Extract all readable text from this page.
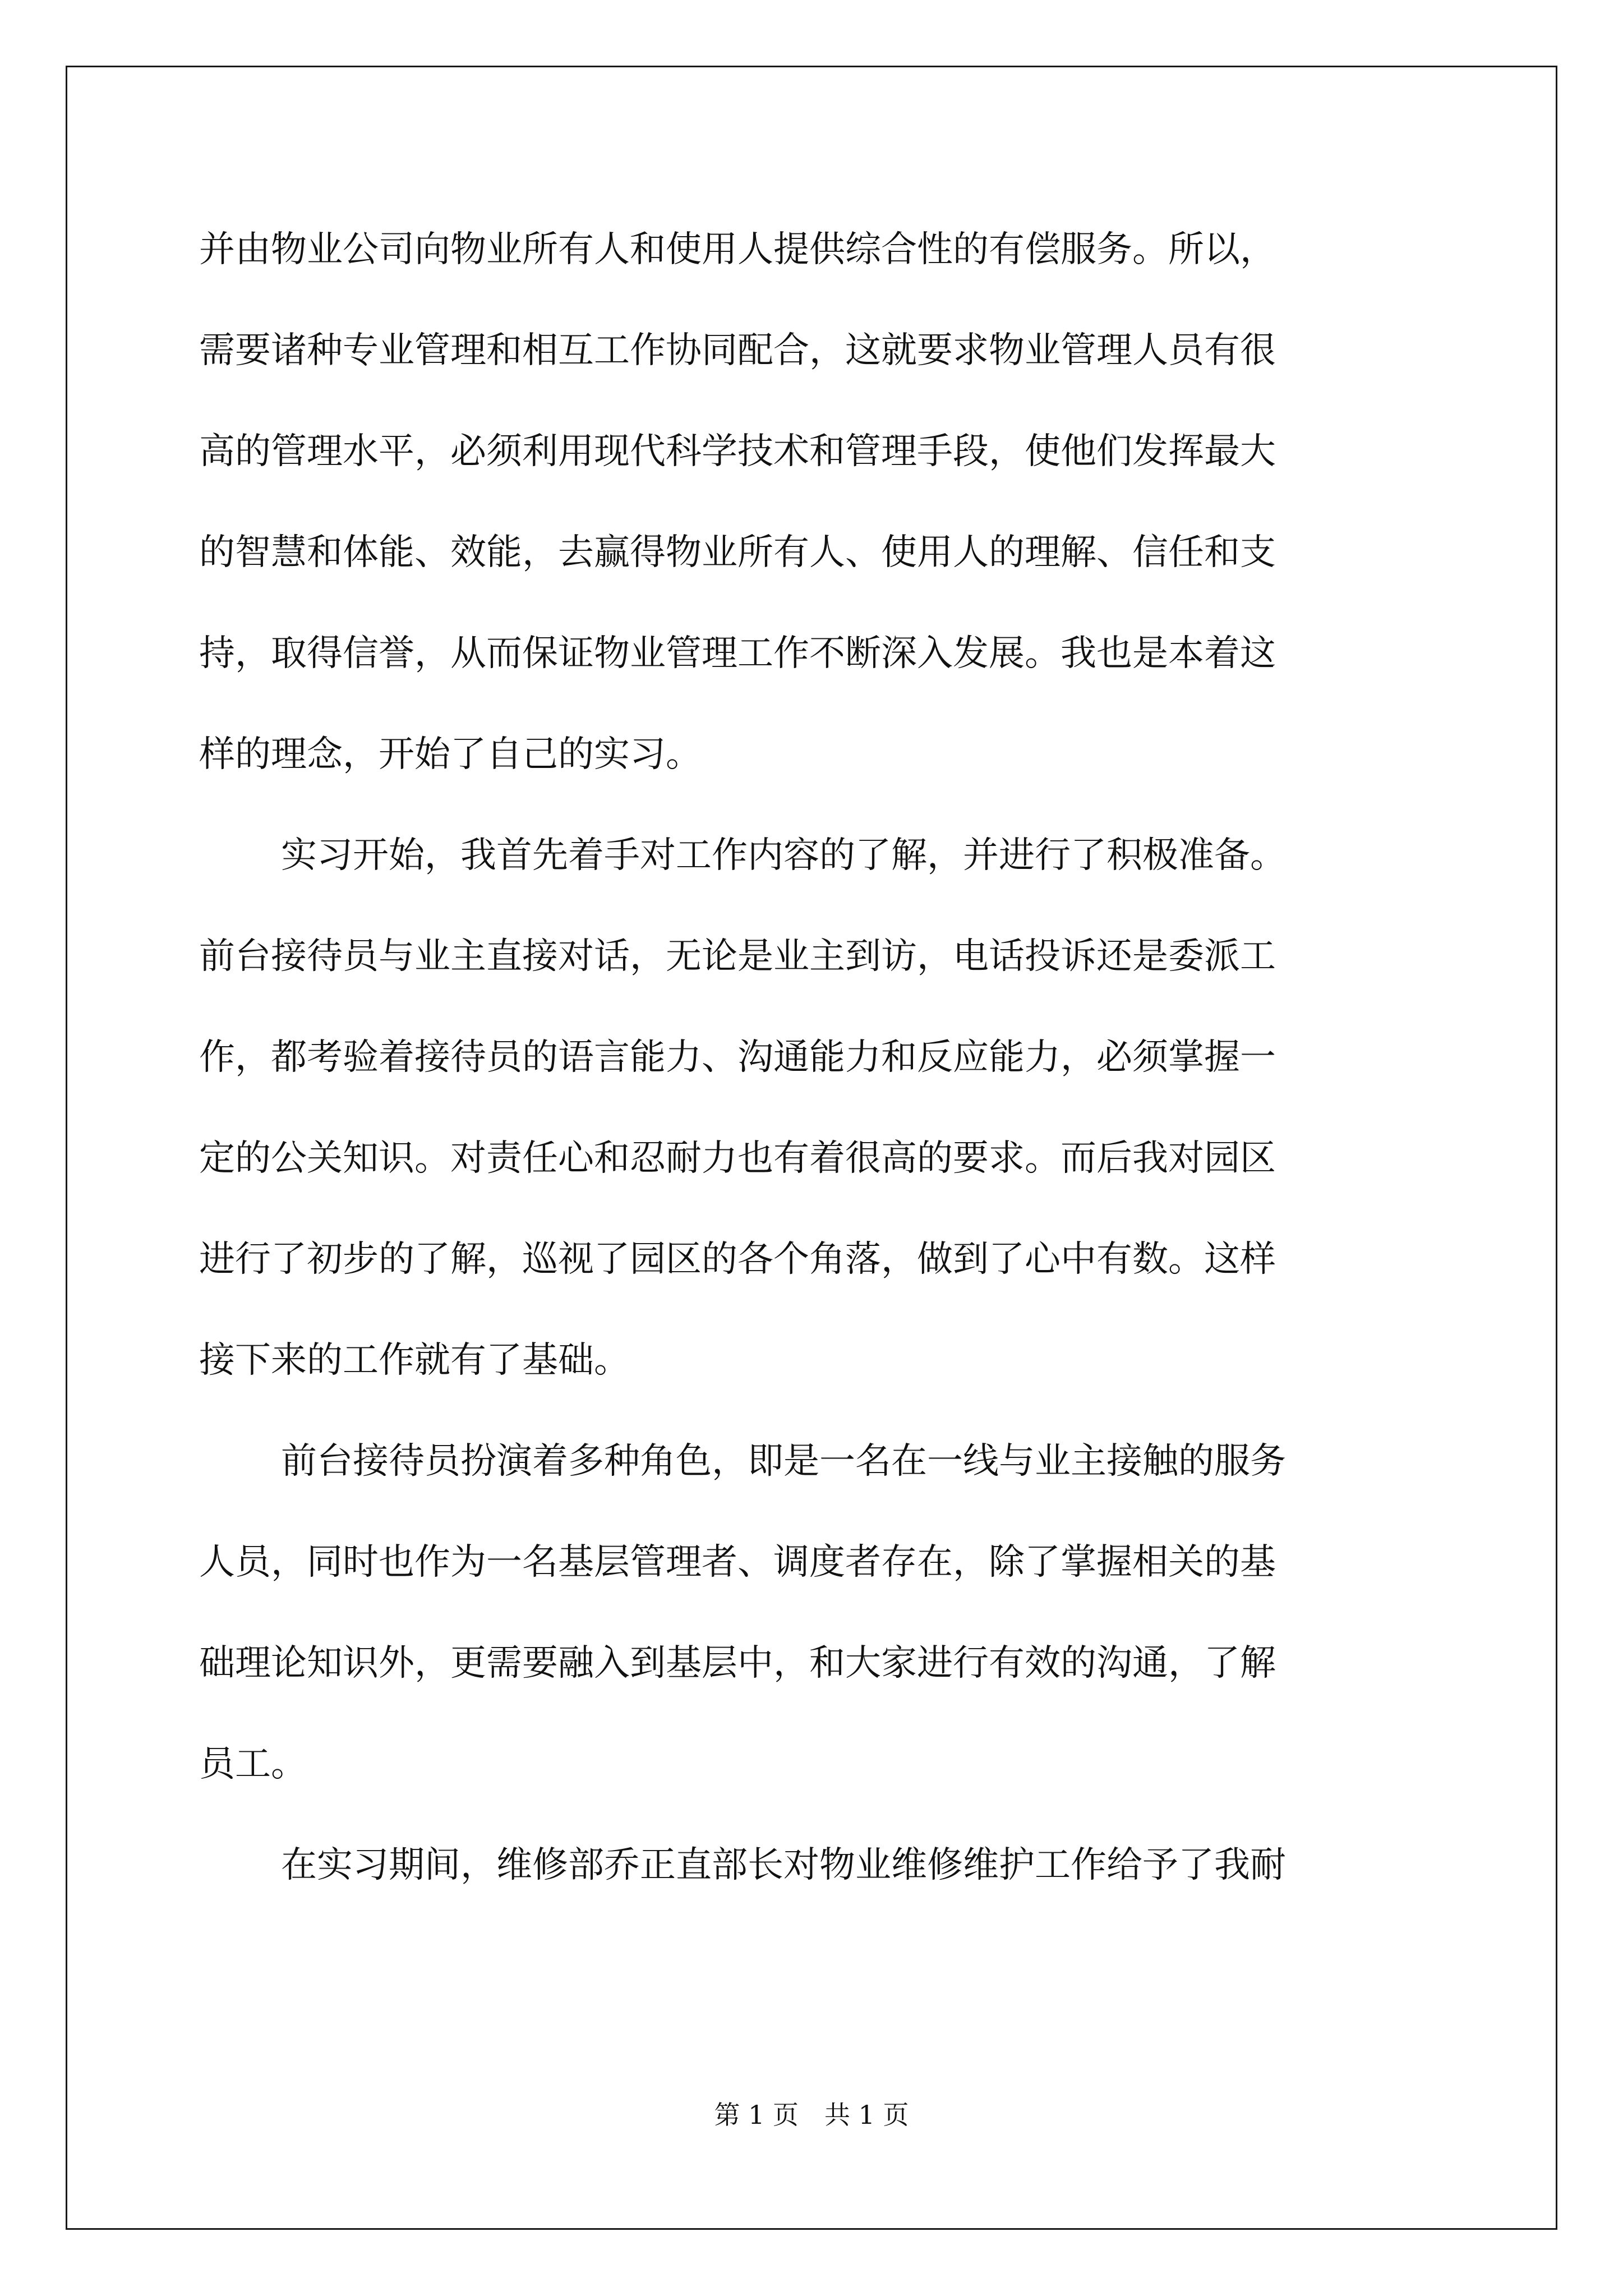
并由物业公司向物业所有人和使用人提供综合性的有偿服务。所以，
需要诸种专业管理和相互工作协同配合，这就要求物业管理人员有很
高的管理水平，必须利用现代科学技术和管理手段，使他们发挥最大
的智慧和体能、效能，去赢得物业所有人、使用人的理解、信任和支
持，取得信誉，从而保证物业管理工作不断深入发展。我也是本着这
样的理念，开始了自己的实习。
实习开始，我首先着手对工作内容的了解，并进行了积极准备。
前台接待员与业主直接对话，无论是业主到访，电话投诉还是委派工
作，都考验着接待员的语言能力、沟通能力和反应能力，必须掌握一
定的公关知识。对责任心和忍耐力也有着很高的要求。而后我对园区
进行了初步的了解，巡视了园区的各个角落，做到了心中有数。这样
接下来的工作就有了基础。
前台接待员扮演着多种角色，即是一名在一线与业主接触的服务
人员，同时也作为一名基层管理者、调度者存在，除了掌握相关的基
础理论知识外，更需要融入到基层中，和大家进行有效的沟通，了解
员工。
在实习期间，维修部乔正直部长对物业维修维护工作给予了我耐
第 1 页　共 1 页
